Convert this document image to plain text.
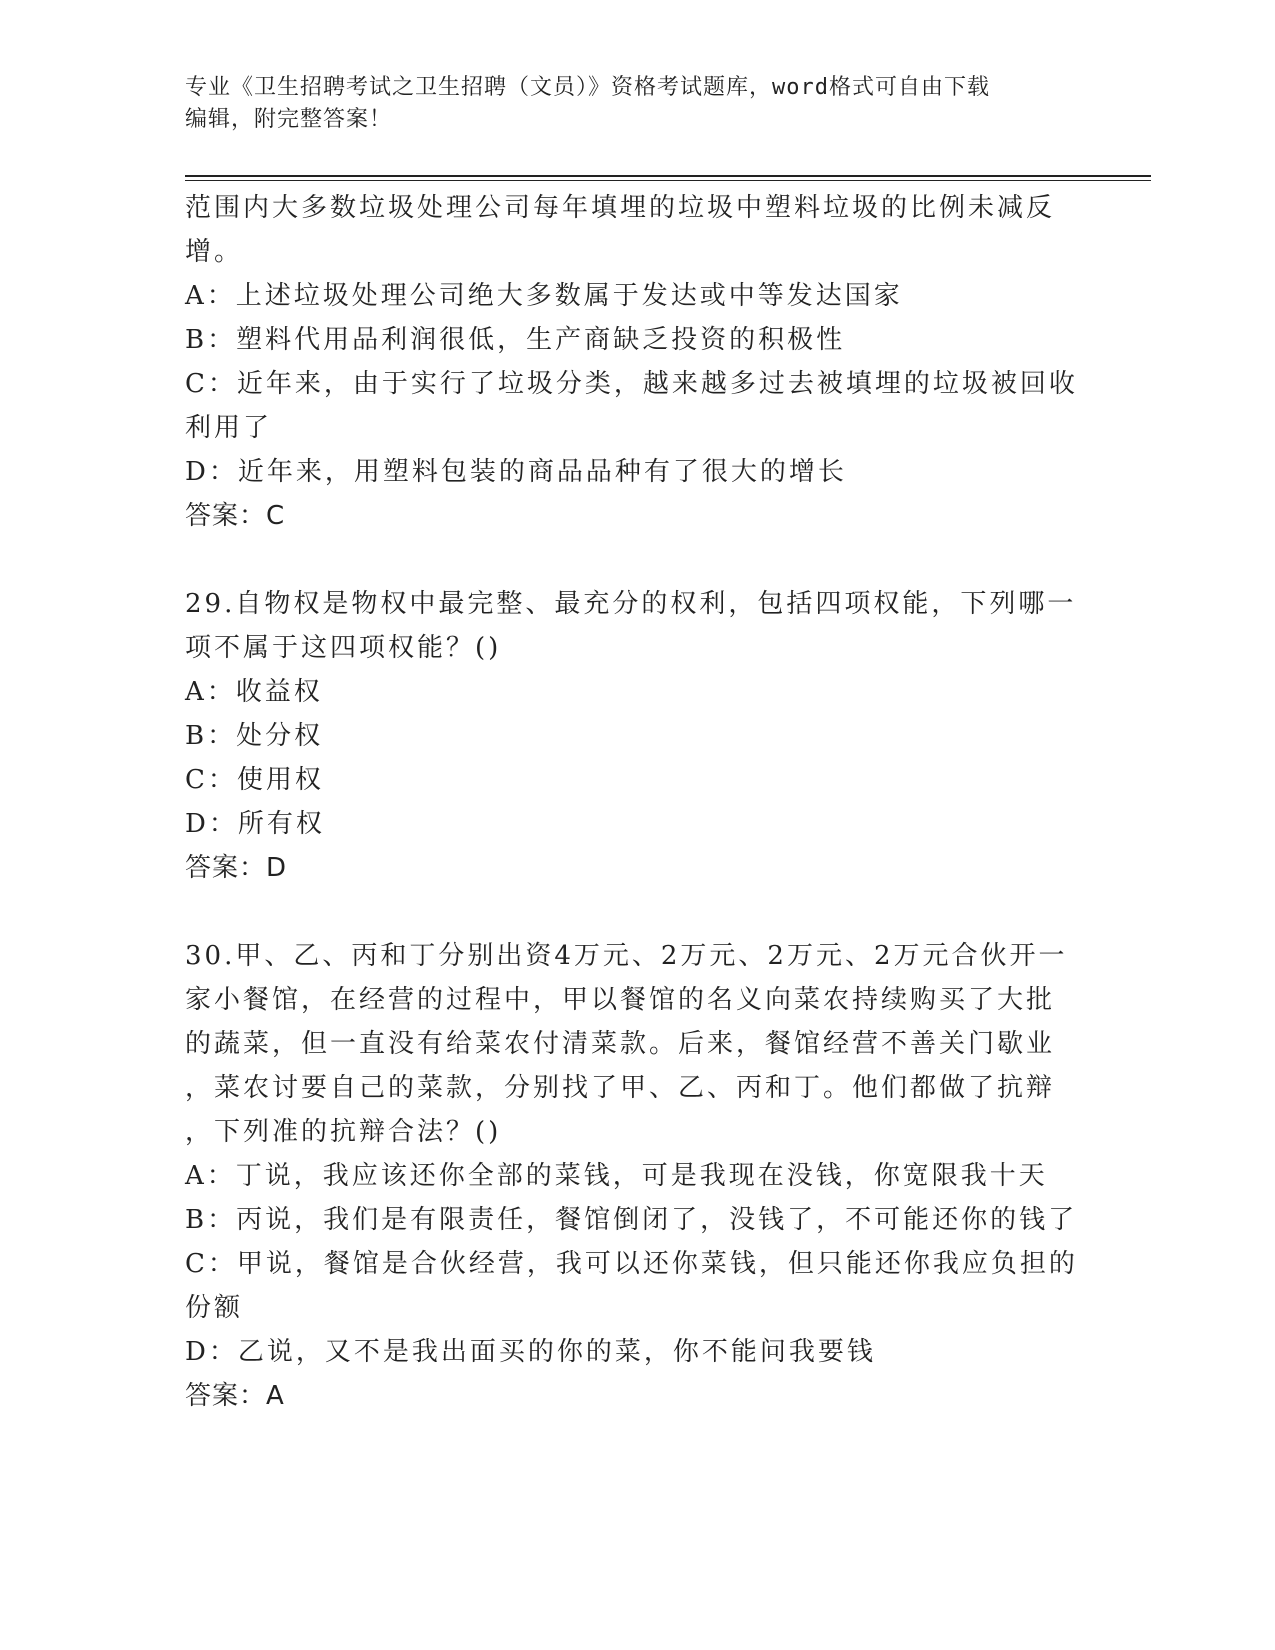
专业《卫生招聘考试之卫生招聘（文员）》资格考试题库，word格式可自由下载
编辑，附完整答案！
范围内大多数垃圾处理公司每年填埋的垃圾中塑料垃圾的比例未减反
增。
A：上述垃圾处理公司绝大多数属于发达或中等发达国家
B：塑料代用品利润很低，生产商缺乏投资的积极性
C：近年来，由于实行了垃圾分类，越来越多过去被填埋的垃圾被回收
利用了
D：近年来，用塑料包装的商品品种有了很大的增长
答案：C
29.自物权是物权中最完整、最充分的权利，包括四项权能，下列哪一
项不属于这四项权能？()
A：收益权
B：处分权
C：使用权
D：所有权
答案：D
30.甲、乙、丙和丁分别出资4万元、2万元、2万元、2万元合伙开一
家小餐馆，在经营的过程中，甲以餐馆的名义向菜农持续购买了大批
的蔬菜，但一直没有给菜农付清菜款。后来，餐馆经营不善关门歇业
，菜农讨要自己的菜款，分别找了甲、乙、丙和丁。他们都做了抗辩
，下列准的抗辩合法？()
A：丁说，我应该还你全部的菜钱，可是我现在没钱，你宽限我十天
B：丙说，我们是有限责任，餐馆倒闭了，没钱了，不可能还你的钱了
C：甲说，餐馆是合伙经营，我可以还你菜钱，但只能还你我应负担的
份额
D：乙说，又不是我出面买的你的菜，你不能问我要钱
答案：A
